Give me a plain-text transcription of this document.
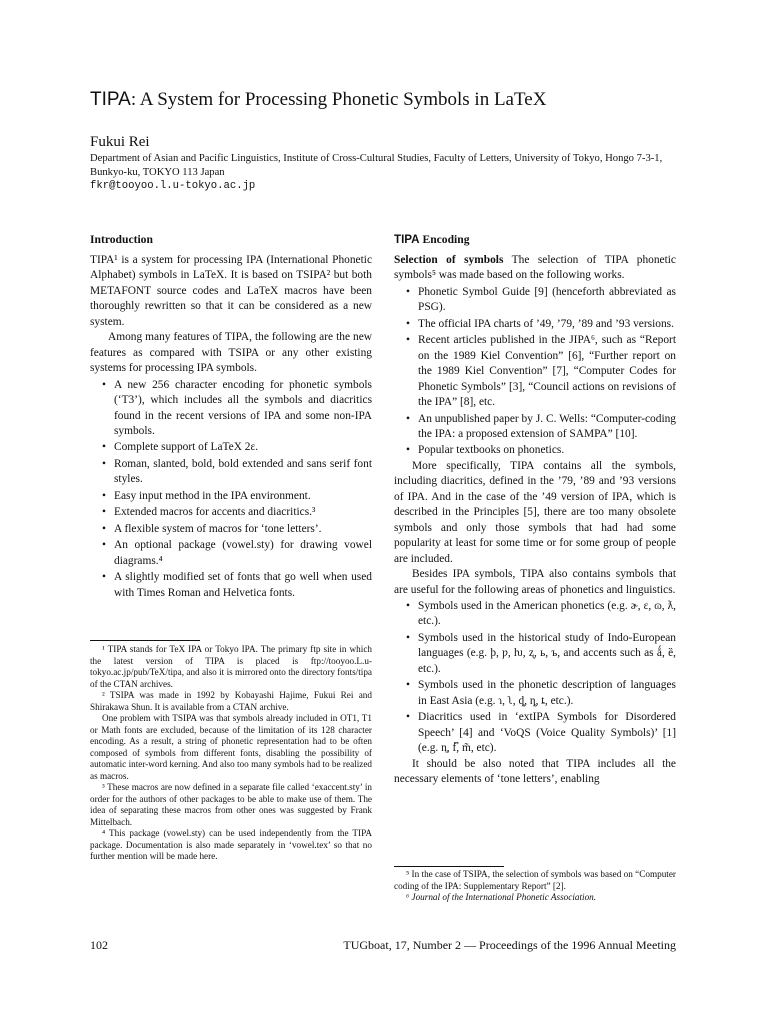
TIPA: A System for Processing Phonetic Symbols in LaTeX
Fukui Rei
Department of Asian and Pacific Linguistics, Institute of Cross-Cultural Studies, Faculty of Letters, University of Tokyo, Hongo 7-3-1, Bunkyo-ku, TOKYO 113 Japan
fkr@tooyoo.l.u-tokyo.ac.jp
Introduction

TIPA¹ is a system for processing IPA (International Phonetic Alphabet) symbols in LaTeX. It is based on TSIPA² but both METAFONT source codes and LaTeX macros have been thoroughly rewritten so that it can be considered as a new system.

Among many features of TIPA, the following are the new features as compared with TSIPA or any other existing systems for processing IPA symbols.

• A new 256 character encoding for phonetic symbols (‘T3’), which includes all the symbols and diacritics found in the recent versions of IPA and some non-IPA symbols.
• Complete support of LaTeX 2ε.
• Roman, slanted, bold, bold extended and sans serif font styles.
• Easy input method in the IPA environment.
• Extended macros for accents and diacritics.³
• A flexible system of macros for ‘tone letters’.
• An optional package (vowel.sty) for drawing vowel diagrams.⁴
• A slightly modified set of fonts that go well when used with Times Roman and Helvetica fonts.

¹ TIPA stands for TeX IPA or Tokyo IPA. The primary ftp site in which the latest version of TIPA is placed is ftp://tooyoo.L.u-tokyo.ac.jp/pub/TeX/tipa, and also it is mirrored onto the directory fonts/tipa of the CTAN archives.

² TSIPA was made in 1992 by Kobayashi Hajime, Fukui Rei and Shirakawa Shun. It is available from a CTAN archive.

One problem with TSIPA was that symbols already included in OT1, T1 or Math fonts are excluded, because of the limitation of its 128 character encoding. As a result, a string of phonetic representation had to be often composed of symbols from different fonts, disabling the possibility of automatic inter-word kerning. And also too many symbols had to be realized as macros.

³ These macros are now defined in a separate file called ‘exaccent.sty’ in order for the authors of other packages to be able to make use of them. The idea of separating these macros from other ones was suggested by Frank Mittelbach.

⁴ This package (vowel.sty) can be used independently from the TIPA package. Documentation is also made separately in ‘vowel.tex’ so that no further mention will be made here.

TIPA Encoding

Selection of symbols The selection of TIPA phonetic symbols⁵ was made based on the following works.

• Phonetic Symbol Guide [9] (henceforth abbreviated as PSG).
• The official IPA charts of ’49, ’79, ’89 and ’93 versions.
• Recent articles published in the JIPA⁶, such as “Report on the 1989 Kiel Convention” [6], “Further report on the 1989 Kiel Convention” [7], “Computer Codes for Phonetic Symbols” [3], “Council actions on revisions of the IPA” [8], etc.
• An unpublished paper by J. C. Wells: “Computer-coding the IPA: a proposed extension of SAMPA” [10].
• Popular textbooks on phonetics.

More specifically, TIPA contains all the symbols, including diacritics, defined in the ’79, ’89 and ’93 versions of IPA. And in the case of the ’49 version of IPA, which is described in the Principles [5], there are too many obsolete symbols and only those symbols that had had some popularity at least for some time or for some group of people are included.

Besides IPA symbols, TIPA also contains symbols that are useful for the following areas of phonetics and linguistics.

• Symbols used in the American phonetics (e.g. ɚ, ɛ, ɷ, ƛ, etc.).
• Symbols used in the historical study of Indo-European languages (e.g. þ, ƿ, ƕ, ʐ, ь, ъ, and accents such as ǻ, ȅ, etc.).
• Symbols used in the phonetic description of languages in East Asia (e.g. ɿ, ʅ, ȡ, ȵ, ȶ, etc.).
• Diacritics used in ‘extIPA Symbols for Disordered Speech’ [4] and ‘VoQS (Voice Quality Symbols)’ [1] (e.g. n̼, f͆, m̃, etc).

It should be also noted that TIPA includes all the necessary elements of ‘tone letters’, enabling

⁵ In the case of TSIPA, the selection of symbols was based on “Computer coding of the IPA: Supplementary Report” [2].

⁶ Journal of the International Phonetic Association.

102	TUGboat, 17, Number 2 — Proceedings of the 1996 Annual Meeting
